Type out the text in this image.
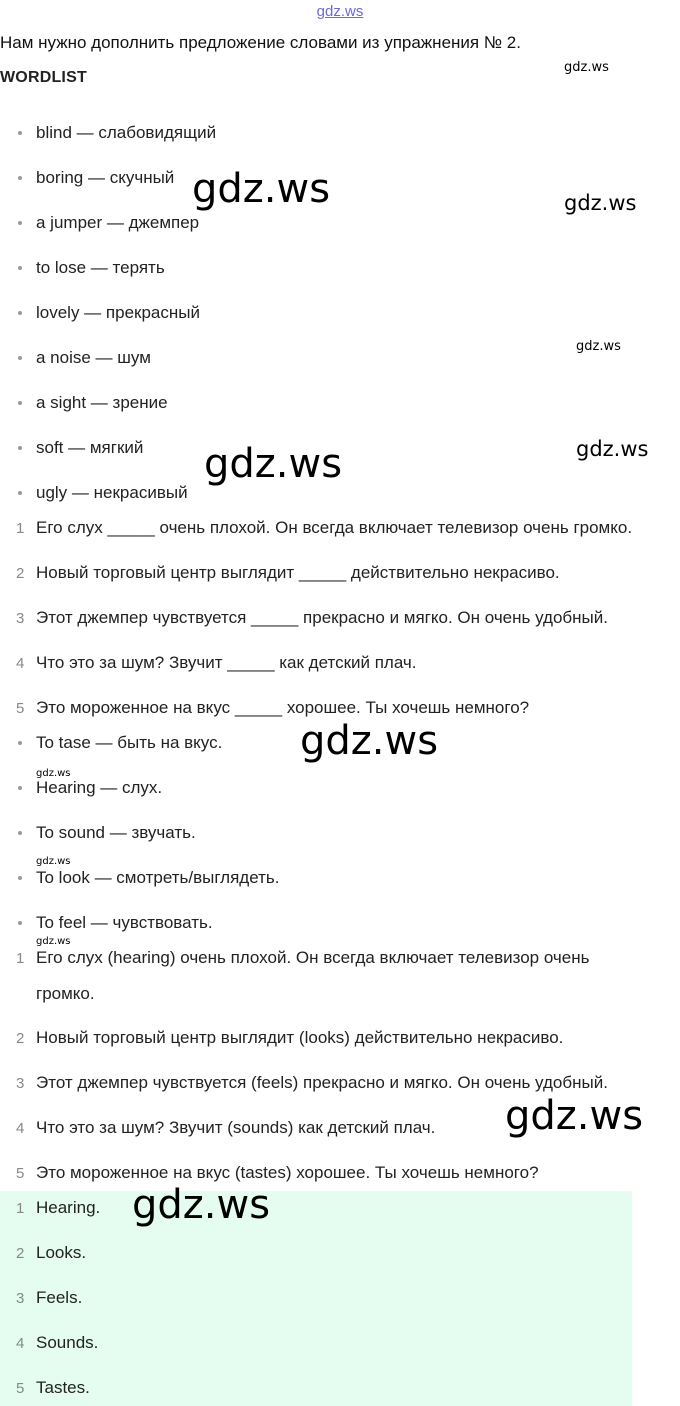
gdz.ws
Нам нужно дополнить предложение словами из упражнения № 2.
WORDLIST
blind — слабовидящий
boring — скучный
a jumper — джемпер
to lose — терять
lovely — прекрасный
a noise — шум
a sight — зрение
soft — мягкий
ugly — некрасивый
1 Его слух _____ очень плохой. Он всегда включает телевизор очень громко.
2 Новый торговый центр выглядит _____ действительно некрасиво.
3 Этот джемпер чувствуется _____ прекрасно и мягко. Он очень удобный.
4 Что это за шум? Звучит _____ как детский плач.
5 Это мороженное на вкус _____ хорошее. Ты хочешь немного?
To tase — быть на вкус.
Hearing — слух.
To sound — звучать.
To look — смотреть/выглядеть.
To feel — чувствовать.
1 Его слух (hearing) очень плохой. Он всегда включает телевизор очень
громко.
2 Новый торговый центр выглядит (looks) действительно некрасиво.
3 Этот джемпер чувствуется (feels) прекрасно и мягко. Он очень удобный.
4 Что это за шум? Звучит (sounds) как детский плач.
5 Это мороженное на вкус (tastes) хорошее. Ты хочешь немного?
1 Hearing.
2 Looks.
3 Feels.
4 Sounds.
5 Tastes.
gdz.ws
gdz.ws	gdz.ws
gdz.ws
gdz.ws
gdz.ws
gdz.ws
gdz.ws
gdz.ws
gdz.ws
gdz.ws
gdz.ws
